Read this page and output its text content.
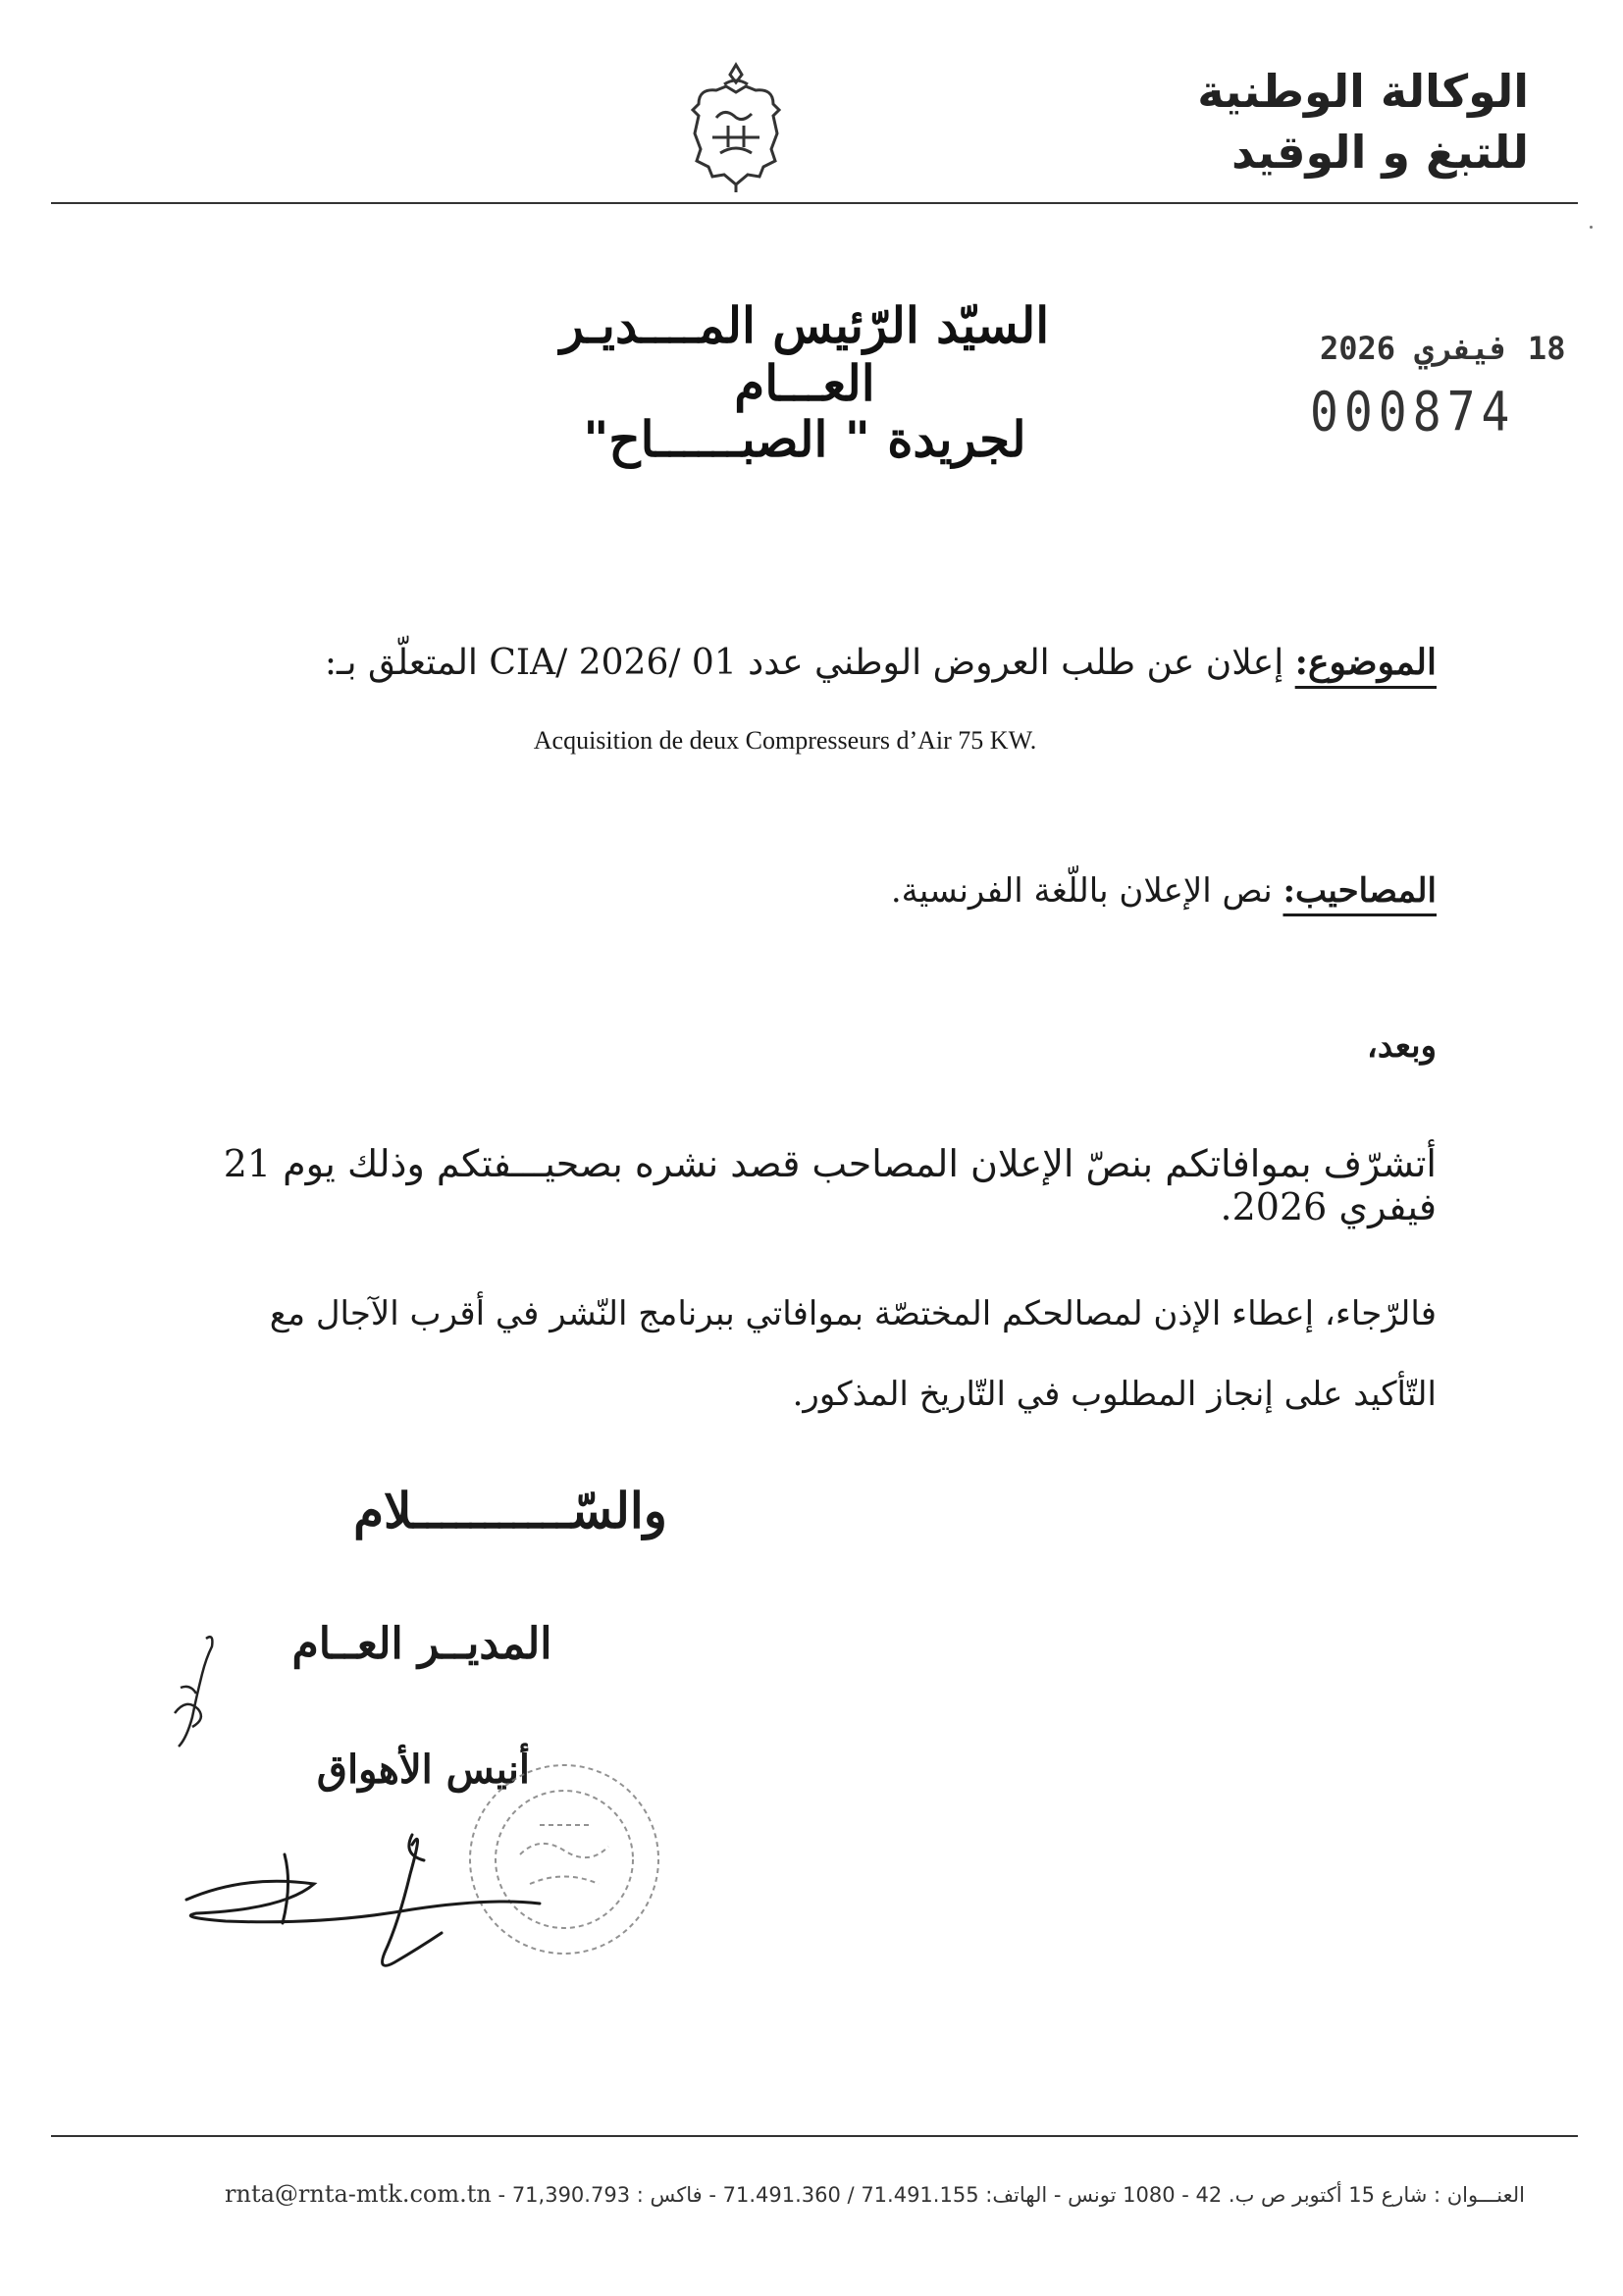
الوكالة الوطنية
للتبغ و الوقيد
18 فيفري 2026
000874
السيّد الرّئيس المــــديـر العـــام
لجريدة " الصبــــــاح"
الموضوع: إعلان عن طلب العروض الوطني عدد 01 /CIA/ 2026 المتعلّق بـ:
Acquisition de deux Compresseurs d’Air 75 KW.
المصاحيب: نص الإعلان باللّغة الفرنسية.
وبعد،
أتشرّف بموافاتكم بنصّ الإعلان المصاحب قصد نشره بصحيـــفتكم وذلك يوم 21 فيفري 2026.
فالرّجاء، إعطاء الإذن لمصالحكم المختصّة بموافاتي ببرنامج النّشر في أقرب الآجال مع التّأكيد على إنجاز المطلوب في التّاريخ المذكور.
والسّـــــــــــلام
المديــر العــام
أنيس الأهواق
العنـــوان : شارع 15 أكتوبر ص ب. 42 - 1080 تونس - الهاتف: 71.491.155 / 71.491.360 - فاكس : 71,390.793 - rnta@rnta-mtk.com.tn
